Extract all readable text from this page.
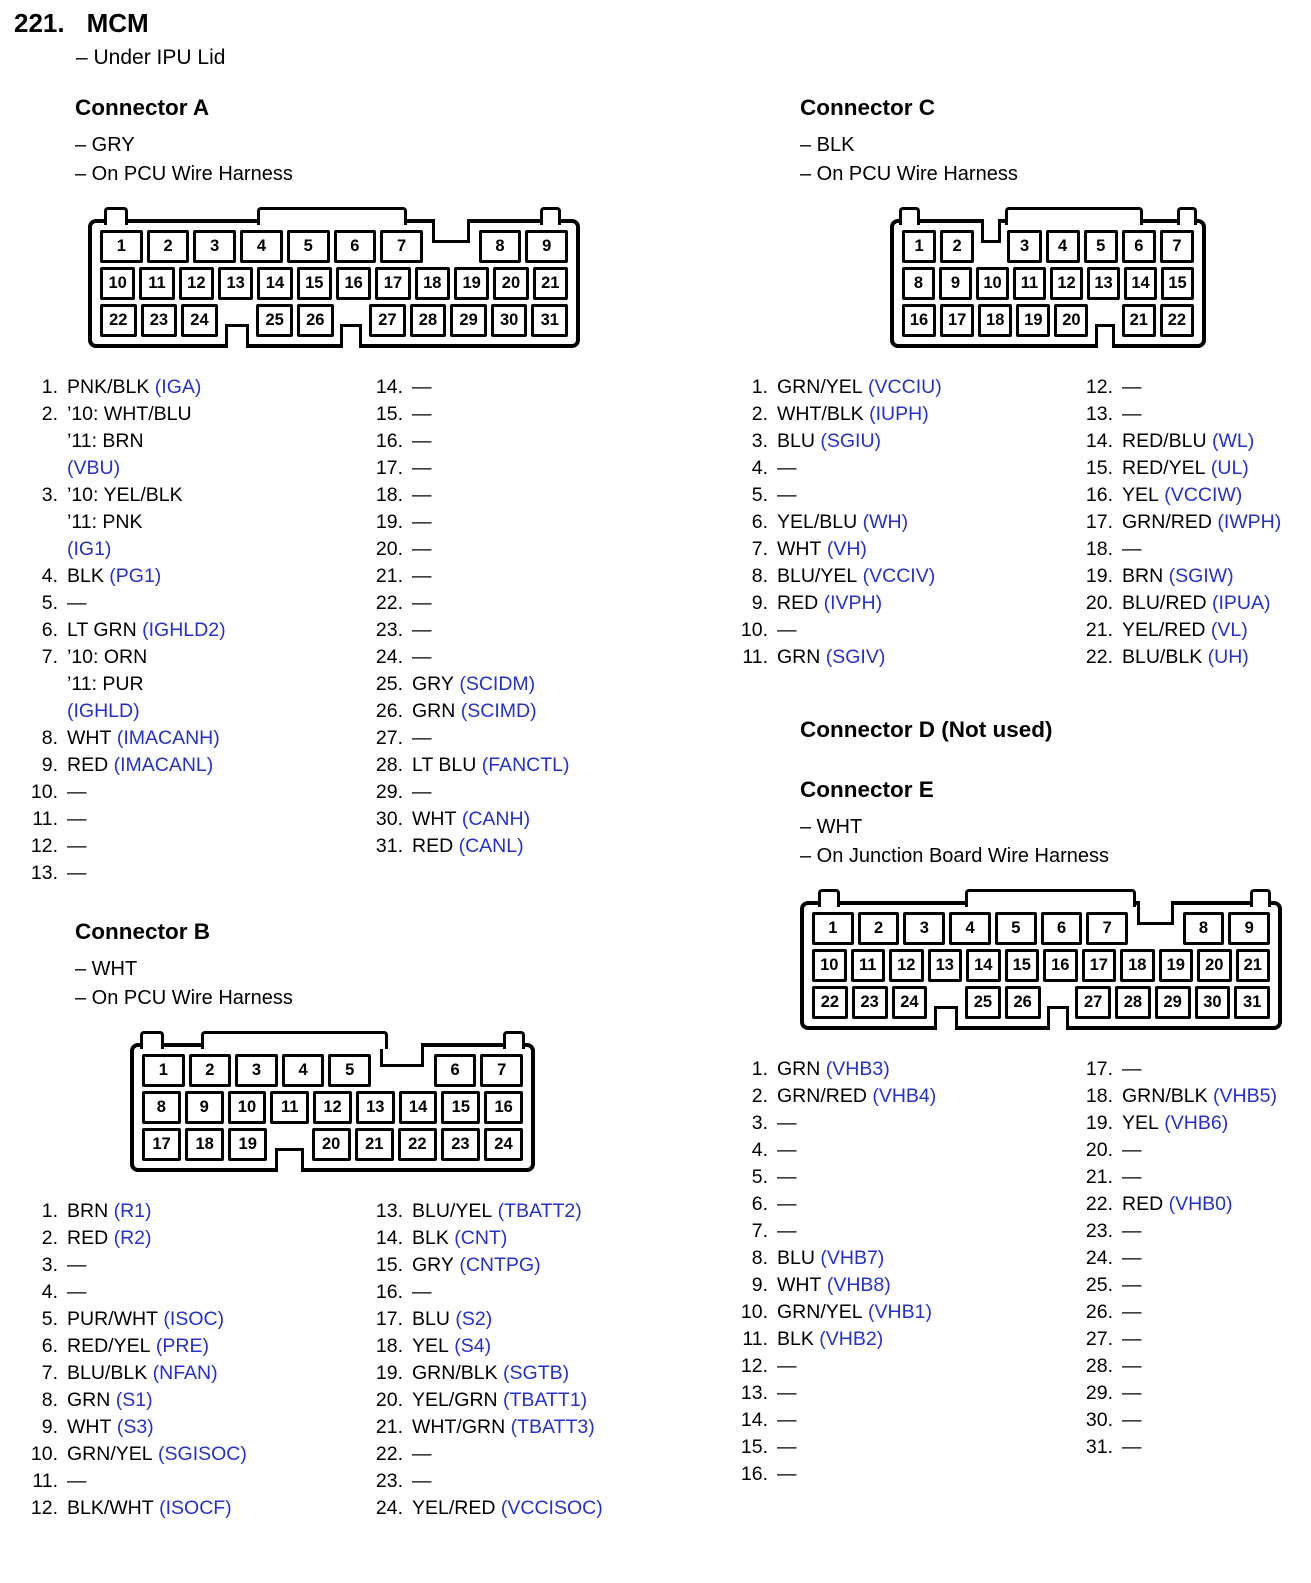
221. MCM
– Under IPU Lid
Connector A
– GRY
– On PCU Wire Harness
1	2	3	4	5	6	7	8	9
10	11	12	13	14	15	16	17	18	19	20	21
22	23	24	25	26	27	28	29	30	31
1. PNK/BLK (IGA)
2. ’10: WHT/BLU
’11: BRN
(VBU)
3. ’10: YEL/BLK
’11: PNK
(IG1)
4. BLK (PG1)
5. —
6. LT GRN (IGHLD2)
7. ’10: ORN
’11: PUR
(IGHLD)
8. WHT (IMACANH)
9. RED (IMACANL)
10. —
11. —
12. —
13. —
14. —
15. —
16. —
17. —
18. —
19. —
20. —
21. —
22. —
23. —
24. —
25. GRY (SCIDM)
26. GRN (SCIMD)
27. —
28. LT BLU (FANCTL)
29. —
30. WHT (CANH)
31. RED (CANL)
Connector B
– WHT
– On PCU Wire Harness
1	2	3	4	5	6	7
8	9	10	11	12	13	14	15	16
17	18	19	20	21	22	23	24
1. BRN (R1)
2. RED (R2)
3. —
4. —
5. PUR/WHT (ISOC)
6. RED/YEL (PRE)
7. BLU/BLK (NFAN)
8. GRN (S1)
9. WHT (S3)
10. GRN/YEL (SGISOC)
11. —
12. BLK/WHT (ISOCF)
13. BLU/YEL (TBATT2)
14. BLK (CNT)
15. GRY (CNTPG)
16. —
17. BLU (S2)
18. YEL (S4)
19. GRN/BLK (SGTB)
20. YEL/GRN (TBATT1)
21. WHT/GRN (TBATT3)
22. —
23. —
24. YEL/RED (VCCISOC)
Connector C
– BLK
– On PCU Wire Harness
1	2	3	4	5	6	7
8	9	10	11	12	13	14	15
16	17	18	19	20	21	22
1. GRN/YEL (VCCIU)
2. WHT/BLK (IUPH)
3. BLU (SGIU)
4. —
5. —
6. YEL/BLU (WH)
7. WHT (VH)
8. BLU/YEL (VCCIV)
9. RED (IVPH)
10. —
11. GRN (SGIV)
12. —
13. —
14. RED/BLU (WL)
15. RED/YEL (UL)
16. YEL (VCCIW)
17. GRN/RED (IWPH)
18. —
19. BRN (SGIW)
20. BLU/RED (IPUA)
21. YEL/RED (VL)
22. BLU/BLK (UH)
Connector D (Not used)
Connector E
– WHT
– On Junction Board Wire Harness
1	2	3	4	5	6	7	8	9
10	11	12	13	14	15	16	17	18	19	20	21
22	23	24	25	26	27	28	29	30	31
1. GRN (VHB3)
2. GRN/RED (VHB4)
3. —
4. —
5. —
6. —
7. —
8. BLU (VHB7)
9. WHT (VHB8)
10. GRN/YEL (VHB1)
11. BLK (VHB2)
12. —
13. —
14. —
15. —
16. —
17. —
18. GRN/BLK (VHB5)
19. YEL (VHB6)
20. —
21. —
22. RED (VHB0)
23. —
24. —
25. —
26. —
27. —
28. —
29. —
30. —
31. —
